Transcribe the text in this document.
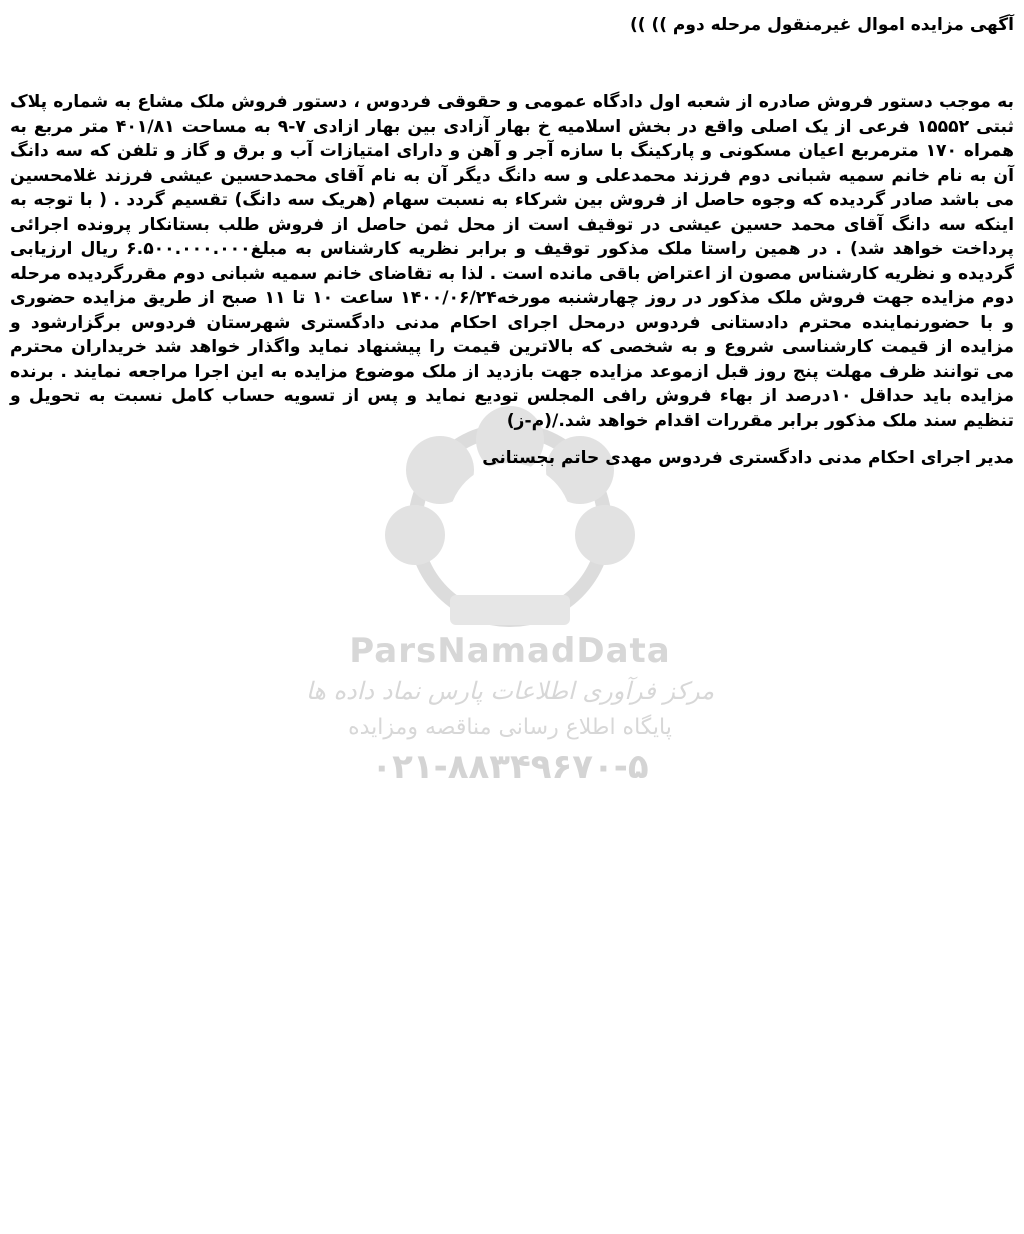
ParsNamadData
مرکز فرآوری اطلاعات پارس نماد داده ها
پایگاه اطلاع رسانی مناقصه ومزایده
۰۲۱-۸۸۳۴۹۶۷۰-۵
آگهی مزایده اموال غیرمنقول مرحله دوم )) ))

به موجب دستور فروش صادره از شعبه اول دادگاه عمومی و حقوقی فردوس ، دستور فروش ملک مشاع به شماره پلاک ثبتی ۱۵۵۵۲ فرعی از یک اصلی واقع در بخش اسلامیه خ بهار آزادی بین بهار ازادی ۷-۹ به مساحت ۴۰۱/۸۱ متر مربع به همراه ۱۷۰ مترمربع اعیان مسکونی و پارکینگ با سازه آجر و آهن و دارای امتیازات آب و برق و گاز و تلفن که سه دانگ آن به نام خانم سمیه شبانی دوم فرزند محمدعلی و سه دانگ دیگر آن به نام آقای محمدحسین عیشی فرزند غلامحسین می باشد صادر گردیده که وجوه حاصل از فروش بین شرکاء به نسبت سهام (هریک سه دانگ) تقسیم گردد . ( با توجه به اینکه سه دانگ آقای محمد حسین عیشی در توقیف است از محل ثمن حاصل از فروش طلب بستانکار پرونده اجرائی پرداخت خواهد شد) . در همین راستا ملک مذکور توقیف و برابر نظریه کارشناس به مبلغ۶.۵۰۰.۰۰۰.۰۰۰ ریال ارزیابی گردیده و نظریه کارشناس مصون از اعتراض باقی مانده است . لذا به تقاضای خانم سمیه شبانی دوم مقررگردیده مرحله دوم مزایده جهت فروش ملک مذکور در روز چهارشنبه مورخه۱۴۰۰/۰۶/۲۴ ساعت ۱۰ تا ۱۱ صبح از طریق مزایده حضوری و با حضورنماینده محترم دادستانی فردوس درمحل اجرای احکام مدنی دادگستری شهرستان فردوس برگزارشود و مزایده از قیمت کارشناسی شروع و به شخصی که بالاترین قیمت را پیشنهاد نماید واگذار خواهد شد خریداران محترم می توانند ظرف مهلت پنج روز قبل ازموعد مزایده جهت بازدید از ملک موضوع مزایده به این اجرا مراجعه نمایند . برنده مزایده باید حداقل ۱۰درصد از بهاء فروش رافی المجلس تودیع نماید و پس از تسویه حساب کامل نسبت به تحویل و تنظیم سند ملک مذکور برابر مقررات اقدام خواهد شد./(م-ز)

مدیر اجرای احکام مدنی دادگستری فردوس مهدی حاتم بجستانی
